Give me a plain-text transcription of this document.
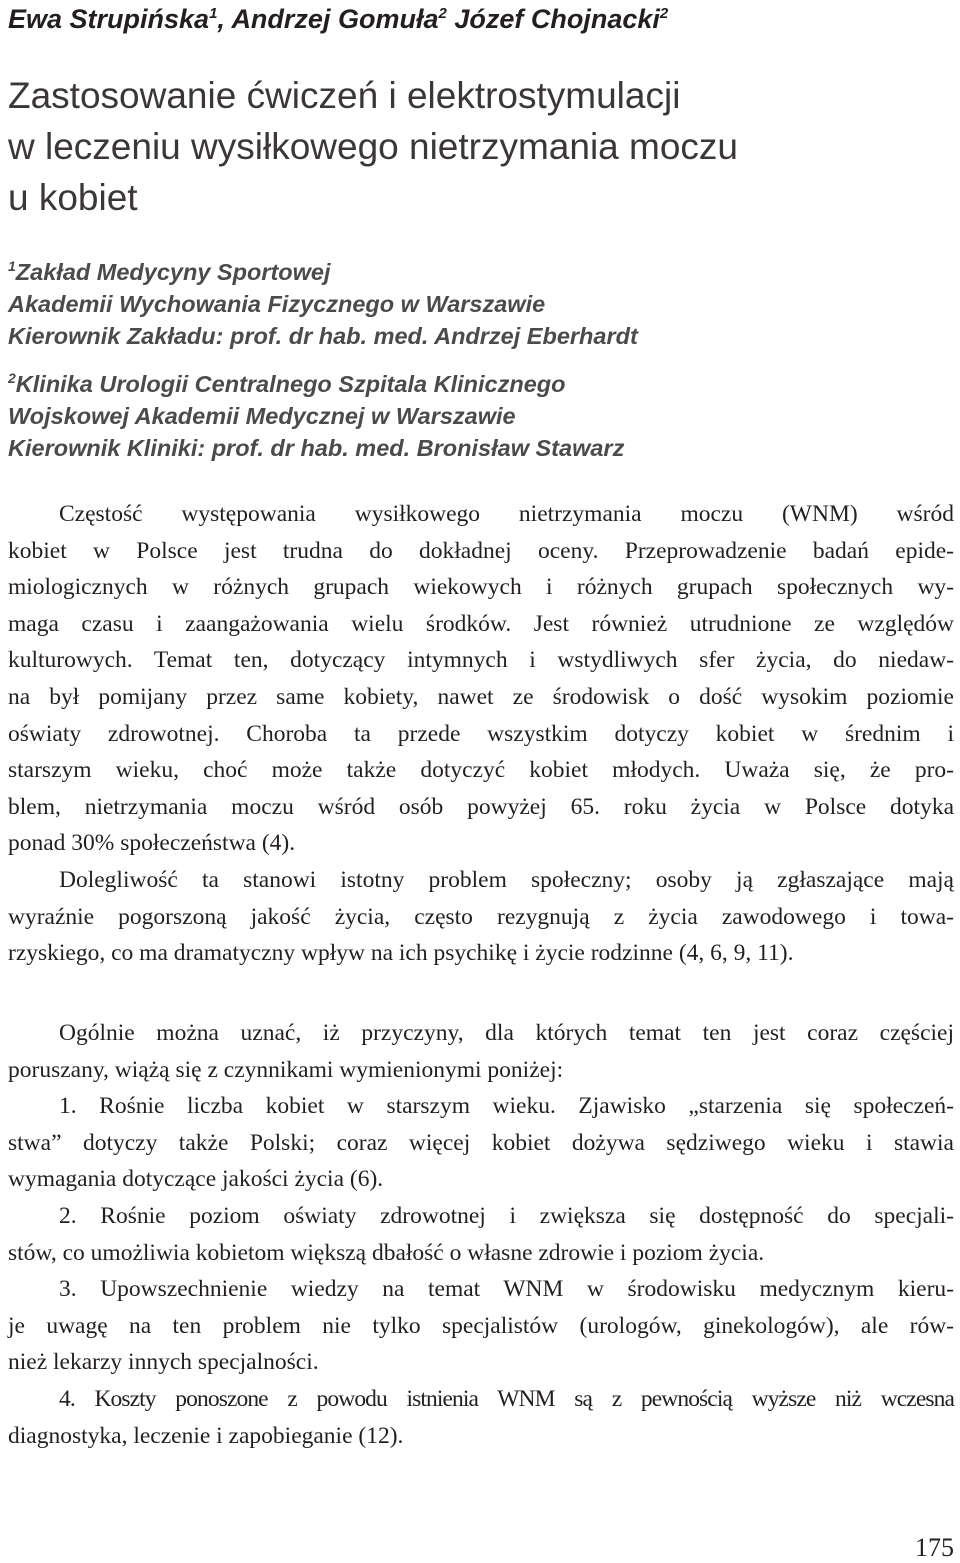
Ewa Strupińska$^1$, Andrzej Gomuła$^2$ Józef Chojnacki$^2$
Zastosowanie ćwiczeń i elektrostymulacji
w leczeniu wysiłkowego nietrzymania moczu
u kobiet
$^1$Zakład Medycyny Sportowej
Akademii Wychowania Fizycznego w Warszawie
Kierownik Zakładu: prof. dr hab. med. Andrzej Eberhardt
$^2$Klinika Urologii Centralnego Szpitala Klinicznego
Wojskowej Akademii Medycznej w Warszawie
Kierownik Kliniki: prof. dr hab. med. Bronisław Stawarz
Częstość występowania wysiłkowego nietrzymania moczu (WNM) wśród
kobiet w Polsce jest trudna do dokładnej oceny. Przeprowadzenie badań epide-
miologicznych w różnych grupach wiekowych i różnych grupach społecznych wy-
maga czasu i zaangażowania wielu środków. Jest również utrudnione ze względów
kulturowych. Temat ten, dotyczący intymnych i wstydliwych sfer życia, do niedaw-
na był pomijany przez same kobiety, nawet ze środowisk o dość wysokim poziomie
oświaty zdrowotnej. Choroba ta przede wszystkim dotyczy kobiet w średnim i
starszym wieku, choć może także dotyczyć kobiet młodych. Uważa się, że pro-
blem, nietrzymania moczu wśród osób powyżej 65. roku życia w Polsce dotyka
ponad 30% społeczeństwa (4).
Dolegliwość ta stanowi istotny problem społeczny; osoby ją zgłaszające mają
wyraźnie pogorszoną jakość życia, często rezygnują z życia zawodowego i towa-
rzyskiego, co ma dramatyczny wpływ na ich psychikę i życie rodzinne (4, 6, 9, 11).
Ogólnie można uznać, iż przyczyny, dla których temat ten jest coraz częściej
poruszany, wiążą się z czynnikami wymienionymi poniżej:
1. Rośnie liczba kobiet w starszym wieku. Zjawisko „starzenia się społeczeń-
stwa” dotyczy także Polski; coraz więcej kobiet dożywa sędziwego wieku i stawia
wymagania dotyczące jakości życia (6).
2. Rośnie poziom oświaty zdrowotnej i zwiększa się dostępność do specjali-
stów, co umożliwia kobietom większą dbałość o własne zdrowie i poziom życia.
3. Upowszechnienie wiedzy na temat WNM w środowisku medycznym kieru-
je uwagę na ten problem nie tylko specjalistów (urologów, ginekologów), ale rów-
nież lekarzy innych specjalności.
4. Koszty ponoszone z powodu istnienia WNM są z pewnością wyższe niż wczesna
diagnostyka, leczenie i zapobieganie (12).
175
